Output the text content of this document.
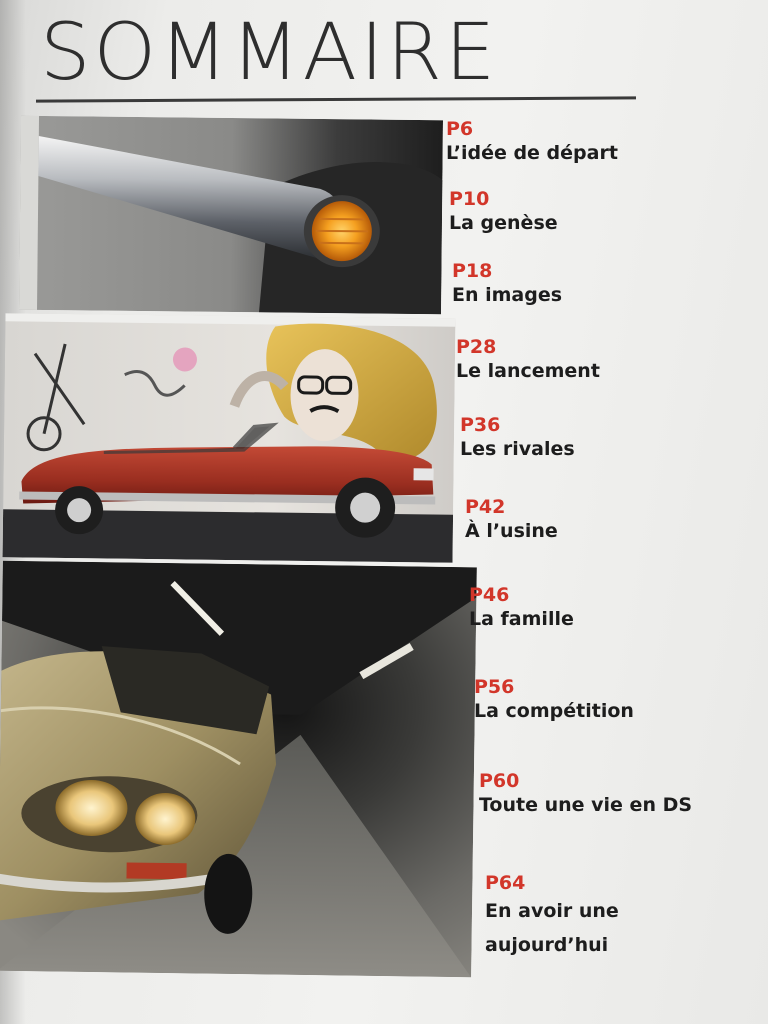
SOMMAIRE
P6
L’idée de départ
P10
La genèse
P18
En images
P28
Le lancement
P36
Les rivales
P42
À l’usine
P46
La famille
P56
La compétition
P60
Toute une vie en DS
P64
En avoir une
aujourd’hui
